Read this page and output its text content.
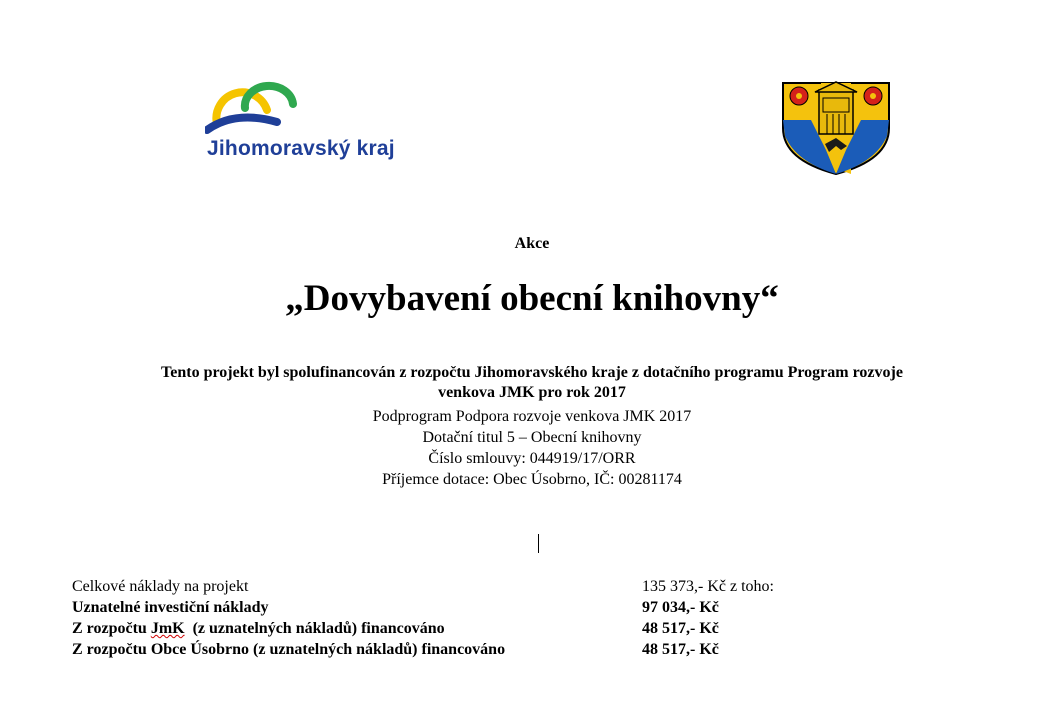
Jihomoravský kraj
Akce
„Dovybavení obecní knihovny“
Tento projekt byl spolufinancován z rozpočtu Jihomoravského kraje z dotačního programu Program rozvoje
venkova JMK pro rok 2017
Podprogram Podpora rozvoje venkova JMK 2017
Dotační titul 5 – Obecní knihovny
Číslo smlouvy: 044919/17/ORR
Příjemce dotace: Obec Úsobrno, IČ: 00281174
Celkové náklady na projekt	135 373,- Kč z toho:
Uznatelné investiční náklady	97 034,- Kč
Z rozpočtu JmK  (z uznatelných nákladů) financováno	48 517,- Kč
Z rozpočtu Obce Úsobrno (z uznatelných nákladů) financováno	48 517,- Kč
